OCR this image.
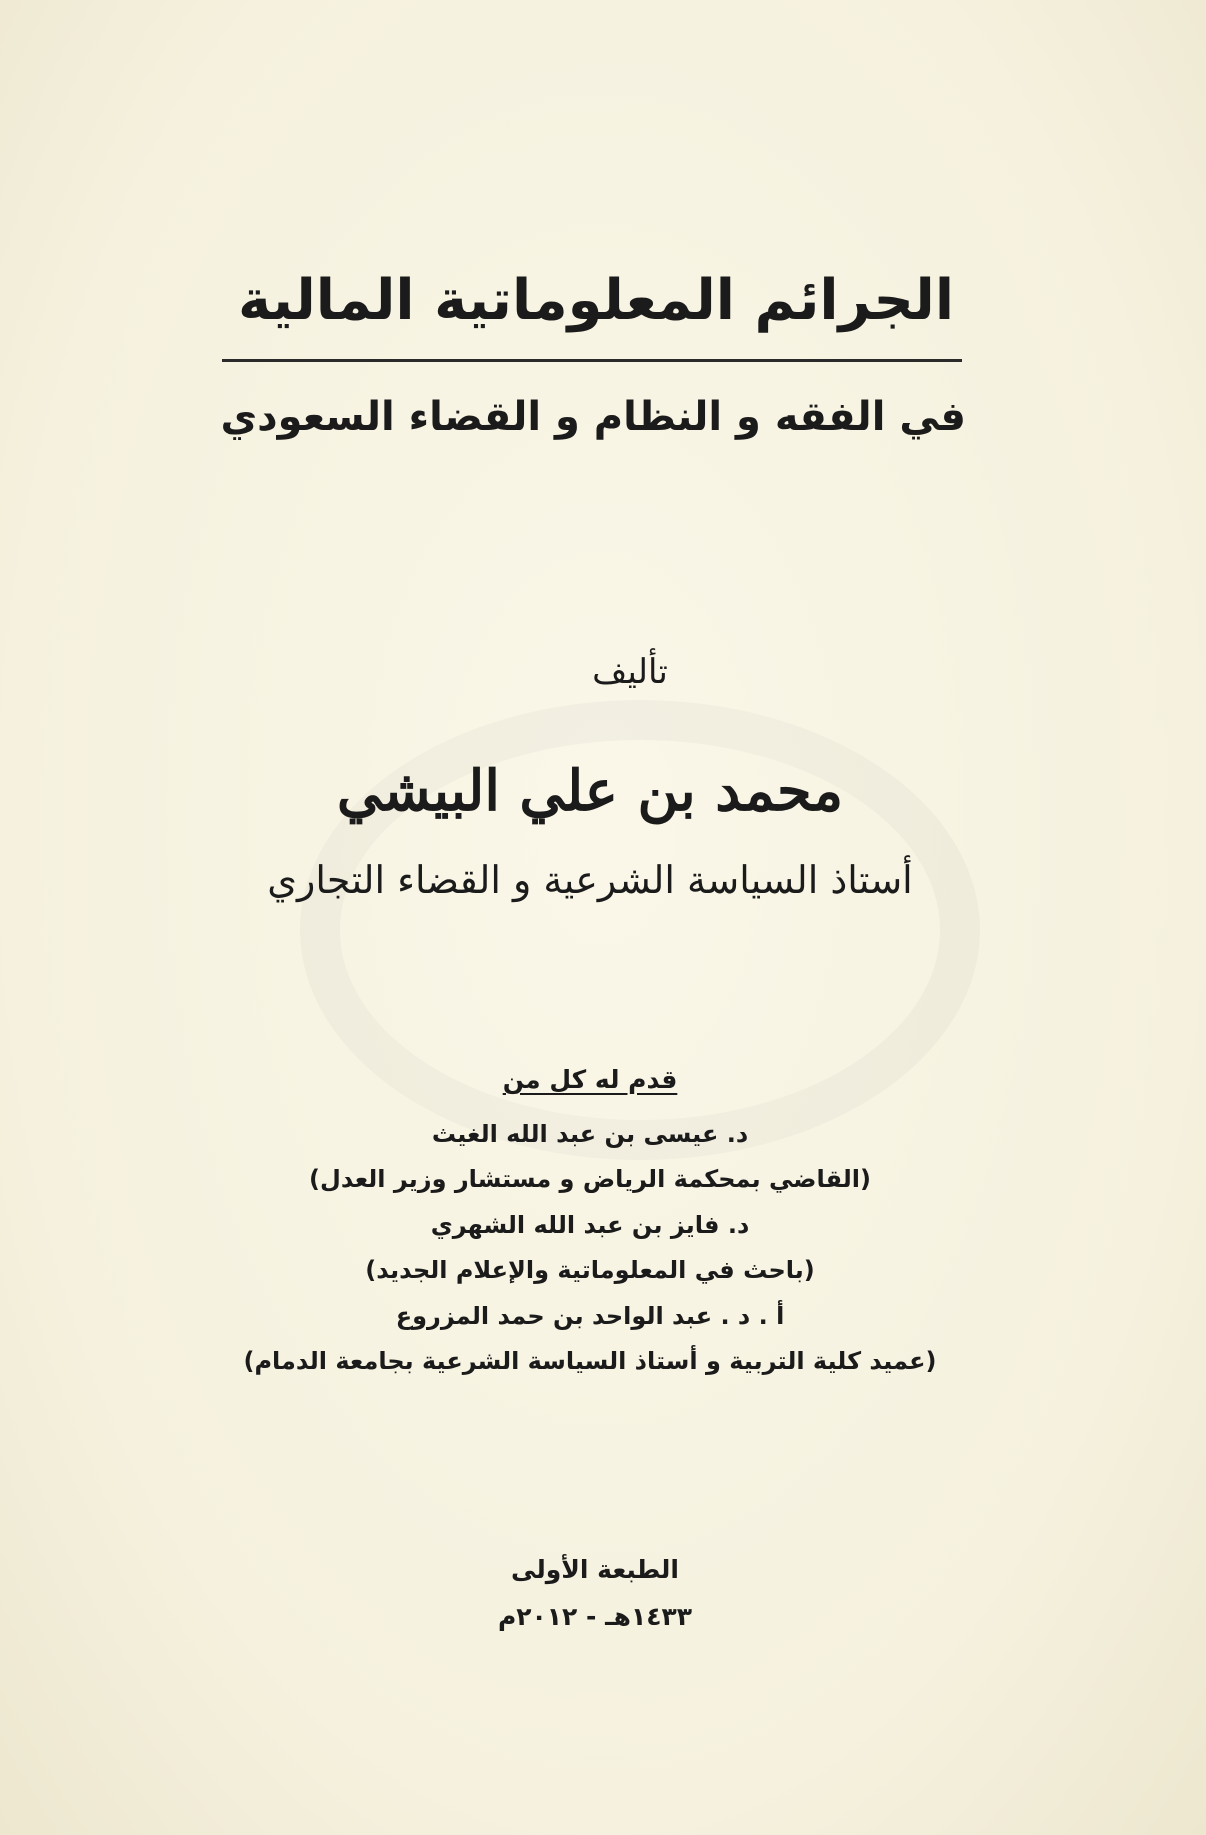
الجرائم المعلوماتية المالية
في الفقه و النظام و القضاء السعودي
تأليف
محمد بن علي البيشي
أستاذ السياسة الشرعية و القضاء التجاري
قدم له كل من
د. عيسى بن عبد الله الغيث
(القاضي بمحكمة الرياض و مستشار وزير العدل)
د. فايز بن عبد الله الشهري
(باحث في المعلوماتية والإعلام الجديد)
أ . د . عبد الواحد بن حمد المزروع
(عميد كلية التربية و أستاذ السياسة الشرعية بجامعة الدمام)
الطبعة الأولى
١٤٣٣هـ - ٢٠١٢م
